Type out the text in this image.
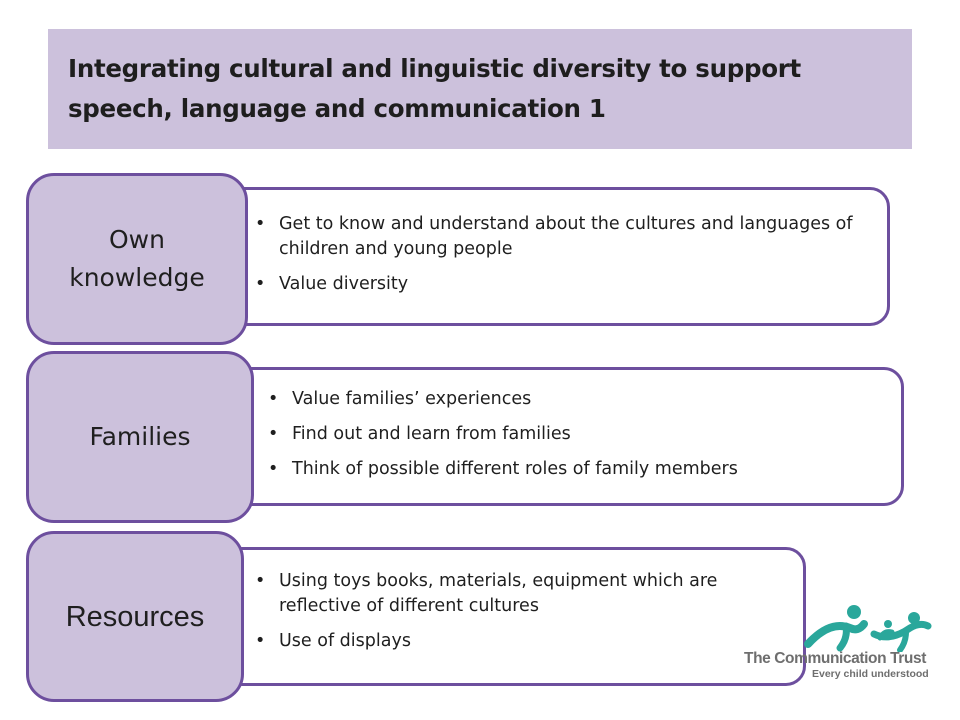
Integrating cultural and linguistic diversity to support
speech, language and communication 1

• Get to know and understand about the cultures and languages of children and young people
• Value diversity
Own
knowledge
• Value families’ experiences
• Find out and learn from families
• Think of possible different roles of family members
Families
• Using toys books, materials, equipment which are reflective of different cultures
• Use of displays
Resources
The Communication Trust
Every child understood
